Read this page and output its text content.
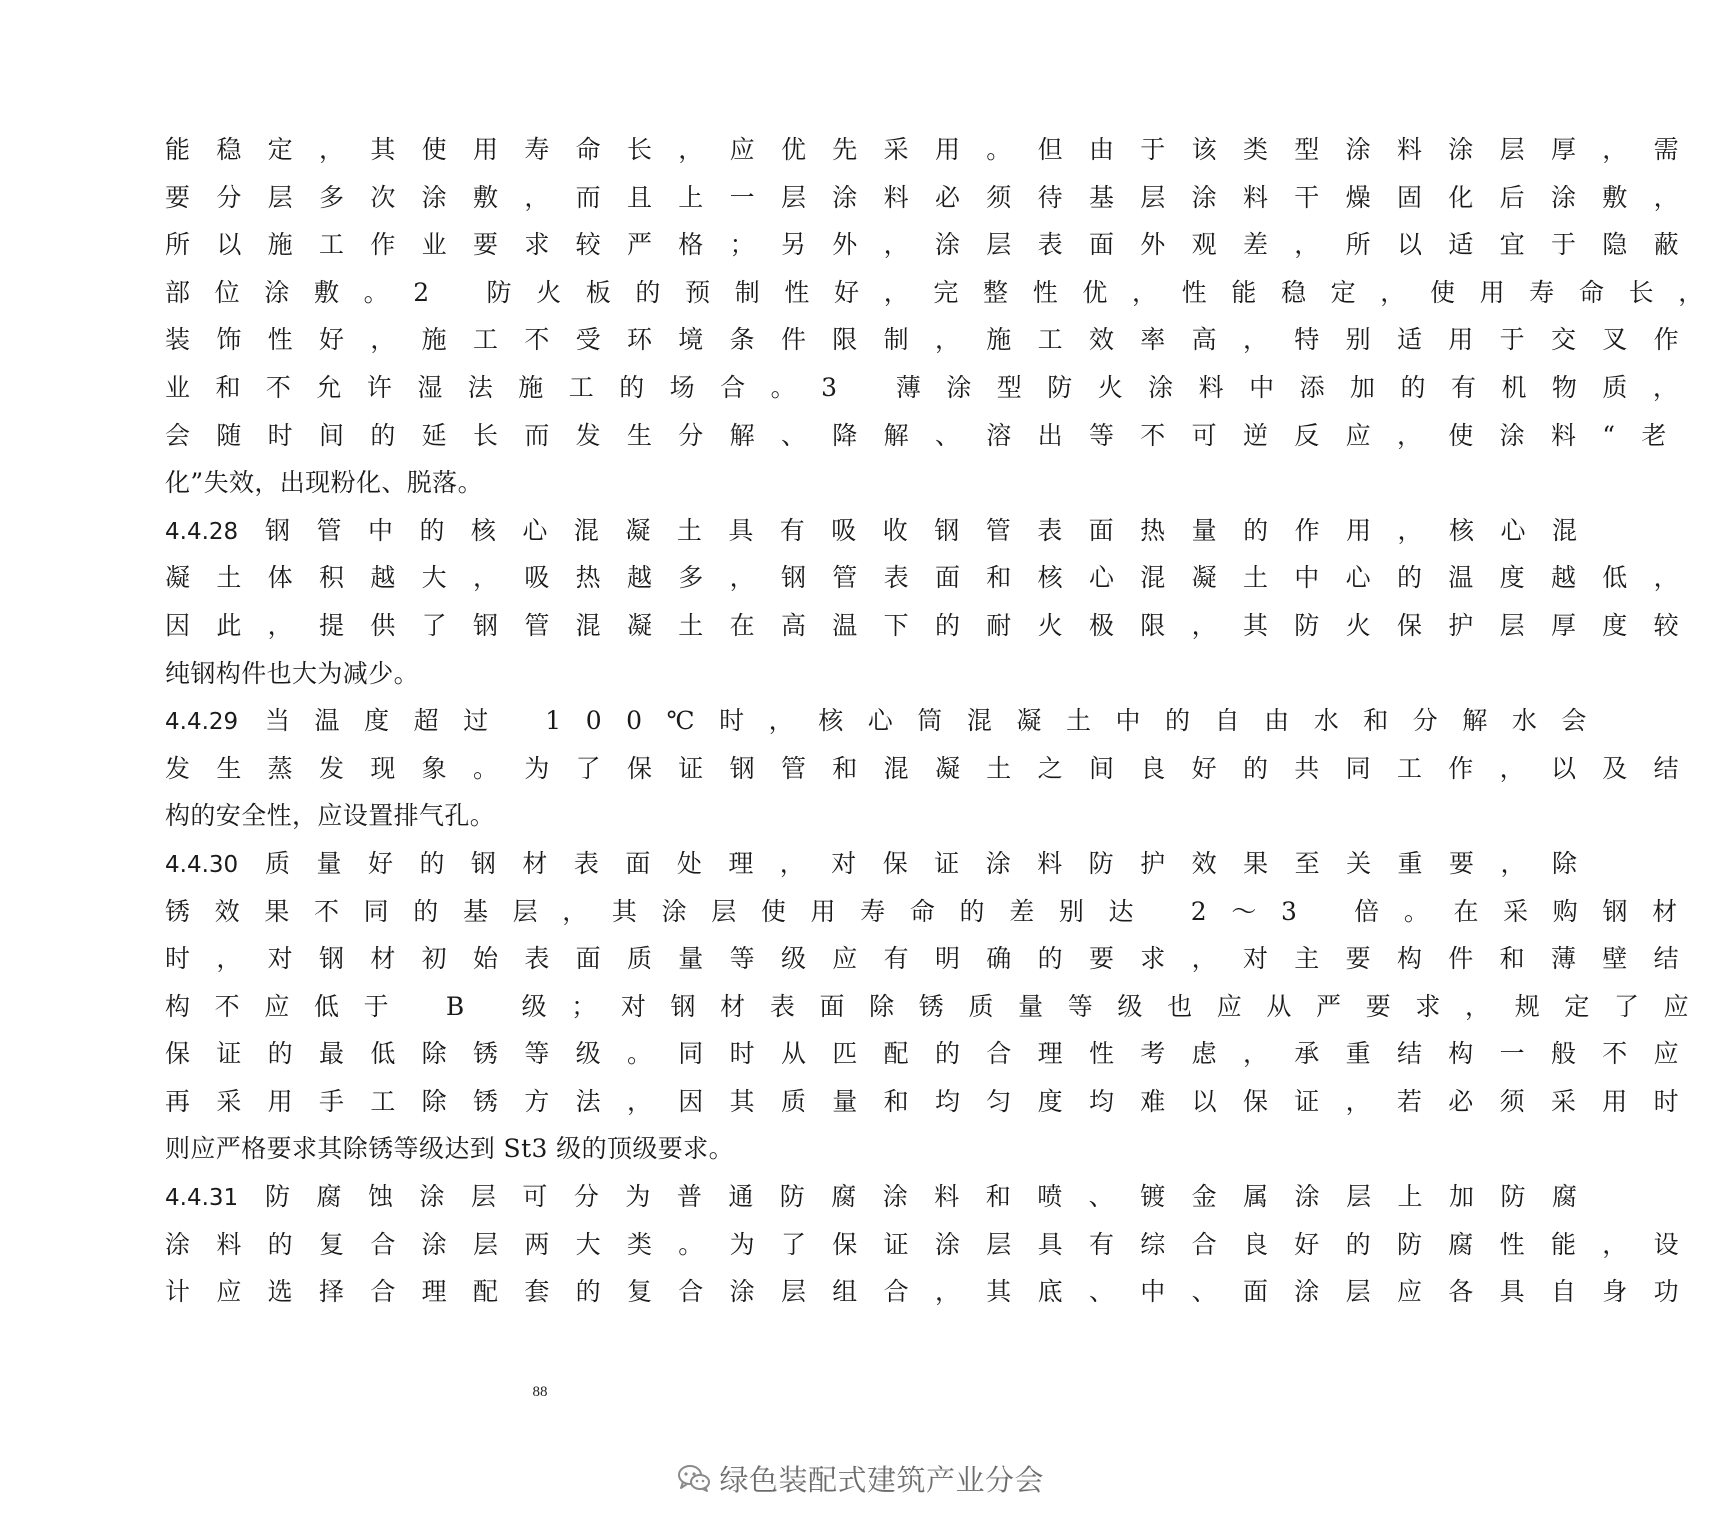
能稳定，其使用寿命长，应优先采用。但由于该类型涂料涂层厚，需
要分层多次涂敷，而且上一层涂料必须待基层涂料干燥固化后涂敷，
所以施工作业要求较严格；另外，涂层表面外观差，所以适宜于隐蔽
部位涂敷。2 防火板的预制性好，完整性优，性能稳定，使用寿命长，
装饰性好，施工不受环境条件限制，施工效率高，特别适用于交叉作
业和不允许湿法施工的场合。3 薄涂型防火涂料中添加的有机物质，
会随时间的延长而发生分解、降解、溶出等不可逆反应，使涂料“老
化”失效，出现粉化、脱落。
4.4.28 钢管中的核心混凝土具有吸收钢管表面热量的作用，核心混
凝土体积越大，吸热越多，钢管表面和核心混凝土中心的温度越低，
因此，提供了钢管混凝土在高温下的耐火极限，其防火保护层厚度较
纯钢构件也大为减少。
4.4.29 当温度超过 100℃时，核心筒混凝土中的自由水和分解水会
发生蒸发现象。为了保证钢管和混凝土之间良好的共同工作，以及结
构的安全性，应设置排气孔。
4.4.30 质量好的钢材表面处理，对保证涂料防护效果至关重要，除
锈效果不同的基层，其涂层使用寿命的差别达 2～3 倍。在采购钢材
时，对钢材初始表面质量等级应有明确的要求，对主要构件和薄壁结
构不应低于 B 级；对钢材表面除锈质量等级也应从严要求，规定了应
保证的最低除锈等级。同时从匹配的合理性考虑，承重结构一般不应
再采用手工除锈方法，因其质量和均匀度均难以保证，若必须采用时
则应严格要求其除锈等级达到 St3 级的顶级要求。
4.4.31 防腐蚀涂层可分为普通防腐涂料和喷、镀金属涂层上加防腐
涂料的复合涂层两大类。为了保证涂层具有综合良好的防腐性能，设
计应选择合理配套的复合涂层组合，其底、中、面涂层应各具自身功
88
绿色装配式建筑产业分会
